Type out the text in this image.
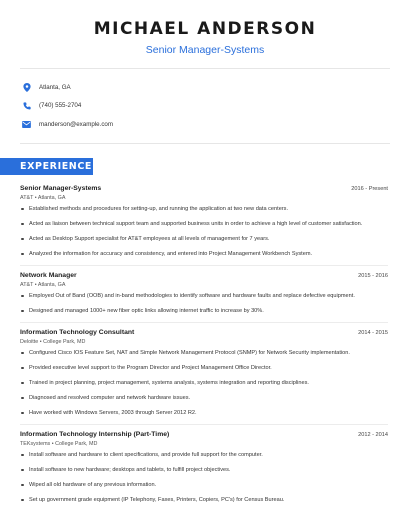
MICHAEL ANDERSON
Senior Manager-Systems
Atlanta, GA
(740) 555-2704
manderson@example.com
EXPERIENCE
Senior Manager-Systems	2016 - Present
AT&T • Atlanta, GA
Established methods and procedures for setting-up, and running the application at two new data centers.
Acted as liaison between technical support team and supported business units in order to achieve a high level of customer satisfaction.
Acted as Desktop Support specialist for AT&T employees at all levels of management for 7 years.
Analyzed the information for accuracy and consistency, and entered into Project Management Workbench System.
Network Manager	2015 - 2016
AT&T • Atlanta, GA
Employed Out of Band (OOB) and in-band methodologies to identify software and hardware faults and replace defective equipment.
Designed and managed 1000+ new fiber optic links allowing internet traffic to increase by 30%.
Information Technology Consultant	2014 - 2015
Deloitte • College Park, MD
Configured Cisco IOS Feature Set, NAT and Simple Network Management Protocol (SNMP) for Network Security implementation.
Provided executive level support to the Program Director and Project Management Office Director.
Trained in project planning, project management, systems analysis, systems integration and reporting disciplines.
Diagnosed and resolved computer and network hardware issues.
Have worked with Windows Servers, 2003 through Server 2012 R2.
Information Technology Internship (Part-Time)	2012 - 2014
TEKsystems • College Park, MD
Install software and hardware to client specifications, and provide full support for the computer.
Install software to new hardware; desktops and tablets, to fulfill project objectives.
Wiped all old hardware of any previous information.
Set up government grade equipment (IP Telephony, Faxes, Printers, Copiers, PC's) for Census Bureau.
